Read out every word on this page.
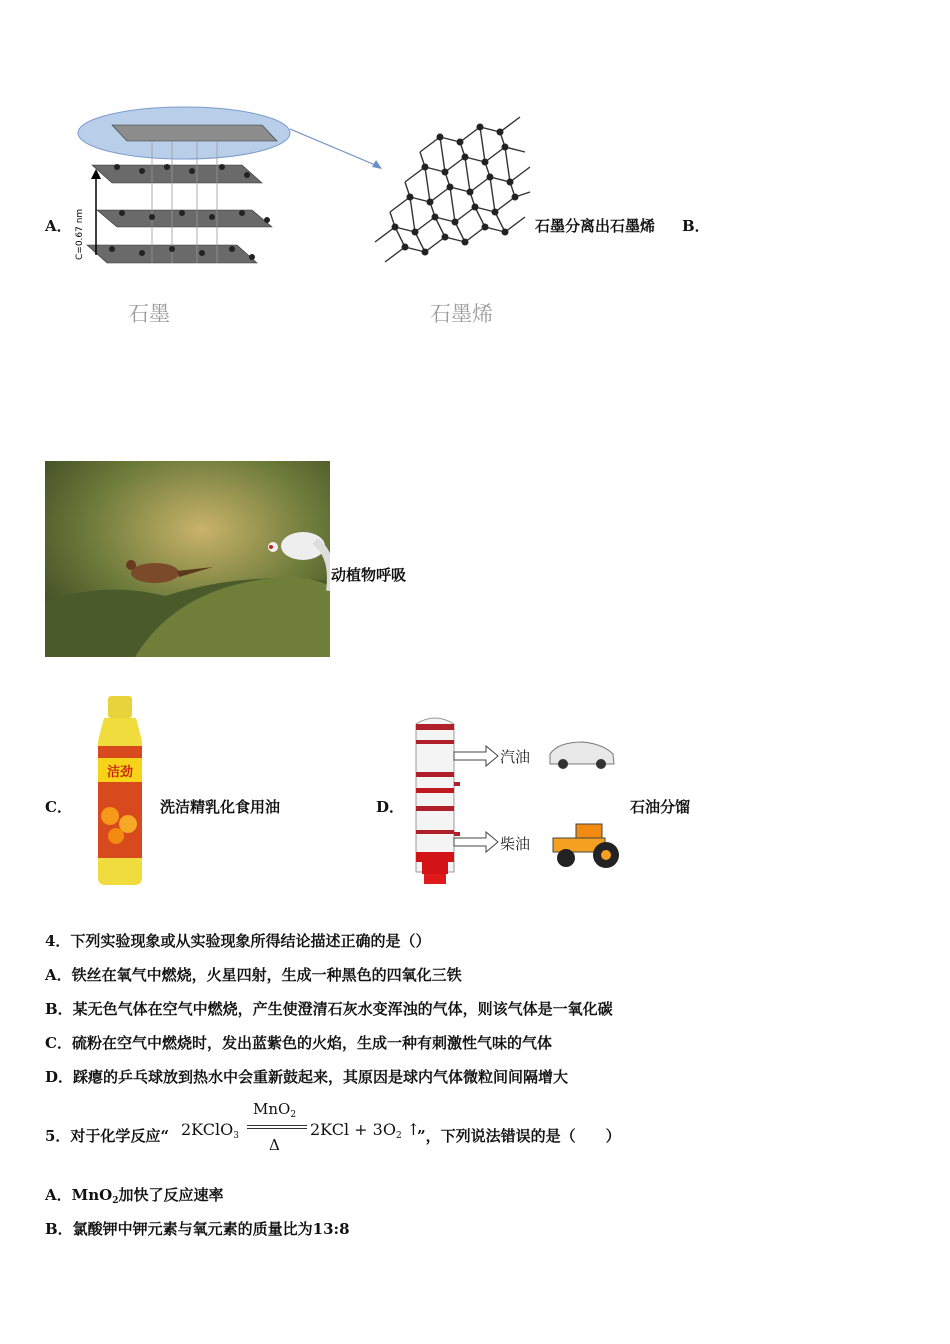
A． C=0.67 nm	石墨分离出石墨烯 B．
石墨	石墨烯
动植物呼吸
C．
洁劲
洗洁精乳化食用油	D．
汽油
柴油
石油分馏
4．下列实验现象或从实验现象所得结论描述正确的是（）
A．铁丝在氧气中燃烧，火星四射，生成一种黑色的四氧化三铁
B．某无色气体在空气中燃烧，产生使澄清石灰水变浑浊的气体，则该气体是一氧化碳
C．硫粉在空气中燃烧时，发出蓝紫色的火焰，生成一种有刺激性气味的气体
D．踩瘪的乒乓球放到热水中会重新鼓起来，其原因是球内气体微粒间间隔增大
5．对于化学反应“ 2KClO$_3$
MnO$_2$
Δ
$2KCl + 3O_2$ ↑
”，下列说法错误的是（　　）
A．MnO$_2$加快了反应速率
B．氯酸钾中钾元素与氧元素的质量比为13:8
